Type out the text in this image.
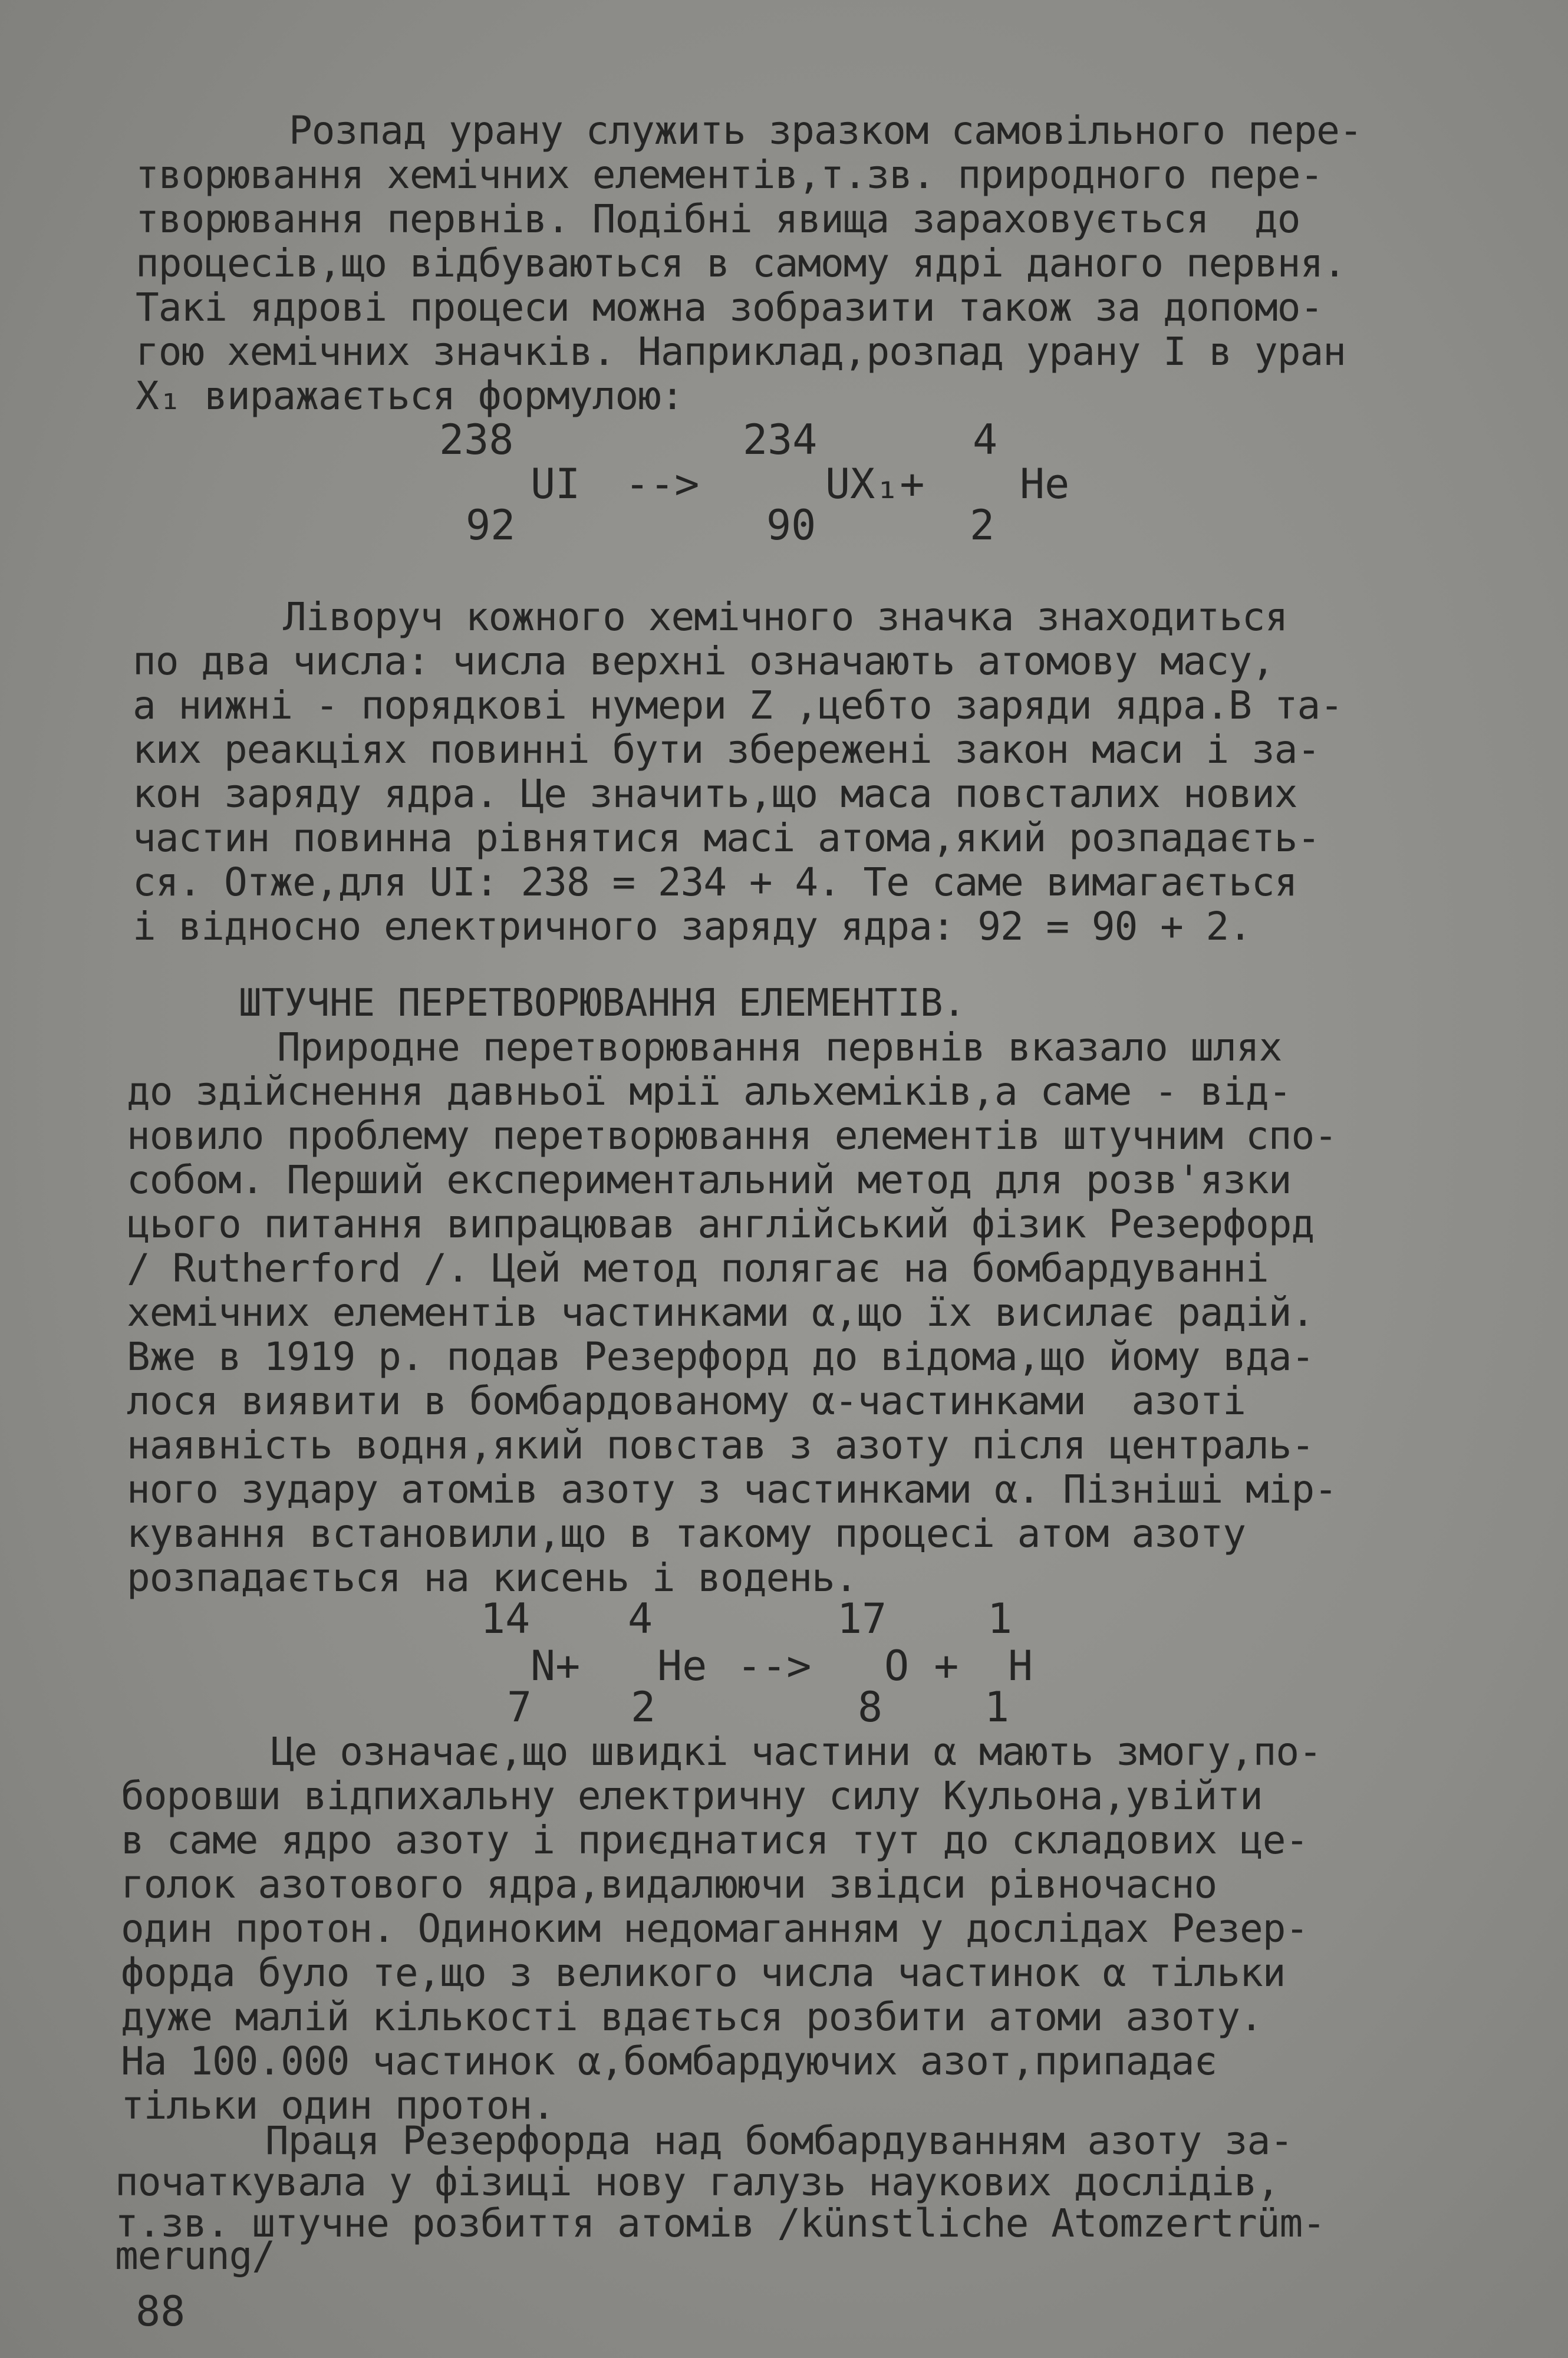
Розпад урану служить зразком самовільного пере-
творювання хемічних елементів,т.зв. природного пере-
творювання первнів. Подібні явища зараховується  до
процесів,що відбуваються в самому ядрі даного первня.
Такі ядрові процеси можна зобразити також за допомо-
гою хемічних значків. Наприклад,розпад урану I в уран
X₁ виражається формулою:
238
UI
92
-->
234
UX₁+
90
4
He
2
Ліворуч кожного хемічного значка знаходиться
по два числа: числа верхні означають атомову масу,
а нижні - порядкові нумери Z ,цебто заряди ядра.В та-
ких реакціях повинні бути збережені закон маси і за-
кон заряду ядра. Це значить,що маса повсталих нових
частин повинна рівнятися масі атома,який розпадаєть-
ся. Отже,для UI: 238 = 234 + 4. Те саме вимагається
і відносно електричного заряду ядра: 92 = 90 + 2.
ШТУЧНЕ ПЕРЕТВОРЮВАННЯ ЕЛЕМЕНТІВ.
Природне перетворювання первнів вказало шлях
до здійснення давньої мрії альхеміків,а саме - від-
новило проблему перетворювання елементів штучним спо-
собом. Перший експериментальний метод для розв'язки
цього питання випрацював англійський фізик Резерфорд
/ Rutherford /. Цей метод полягає на бомбардуванні
хемічних елементів частинками α,що їх висилає радій.
Вже в 1919 р. подав Резерфорд до відома,що йому вда-
лося виявити в бомбардованому α-частинками  азоті
наявність водня,який повстав з азоту після централь-
ного зудару атомів азоту з частинками α. Пізніші мір-
кування встановили,що в такому процесі атом азоту
розпадається на кисень і водень.
14
N+
7
4
He
2
-->
17
O +
8
1
H
1
Це означає,що швидкі частини α мають змогу,по-
боровши відпихальну електричну силу Кульона,увійти
в саме ядро азоту і приєднатися тут до складових це-
голок азотового ядра,видалюючи звідси рівночасно
один протон. Одиноким недомаганням у дослідах Резер-
форда було те,що з великого числа частинок α тільки
дуже малій кількості вдається розбити атоми азоту.
На 100.000 частинок α,бомбардуючих азот,припадає
тільки один протон.
Праця Резерфорда над бомбардуванням азоту за-
початкувала у фізиці нову галузь наукових дослідів,
т.зв. штучне розбиття атомів /künstliche Atomzertrüm-
merung/
88
